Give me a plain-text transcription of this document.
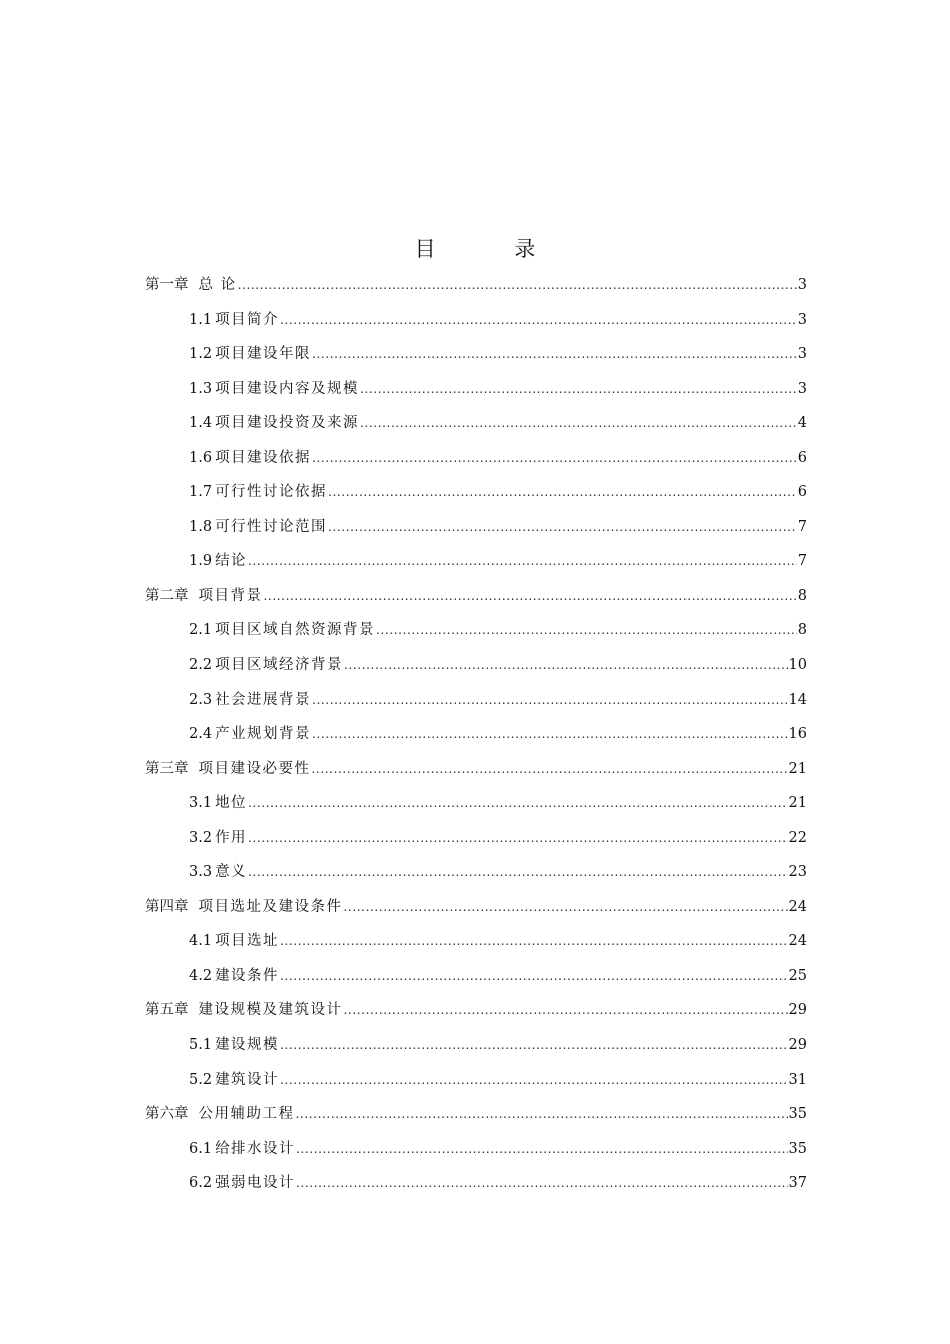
目 录
第一章 总 论 .....	3
1.1 项目简介 .....	3
1.2 项目建设年限 .....	3
1.3 项目建设内容及规模 .....	3
1.4 项目建设投资及来源 .....	4
1.6 项目建设依据 .....	6
1.7 可行性讨论依据 .....	6
1.8 可行性讨论范围 .....	7
1.9 结论 .....	7
第二章 项目背景 .....	8
2.1 项目区域自然资源背景 .....	8
2.2 项目区域经济背景 .....	10
2.3 社会进展背景 .....	14
2.4 产业规划背景 .....	16
第三章 项目建设必要性 .....	21
3.1 地位 .....	21
3.2 作用 .....	22
3.3 意义 .....	23
第四章 项目选址及建设条件 .....	24
4.1 项目选址 .....	24
4.2 建设条件 .....	25
第五章 建设规模及建筑设计 .....	29
5.1 建设规模 .....	29
5.2 建筑设计 .....	31
第六章 公用辅助工程 .....	35
6.1 给排水设计 .....	35
6.2 强弱电设计 .....	37
